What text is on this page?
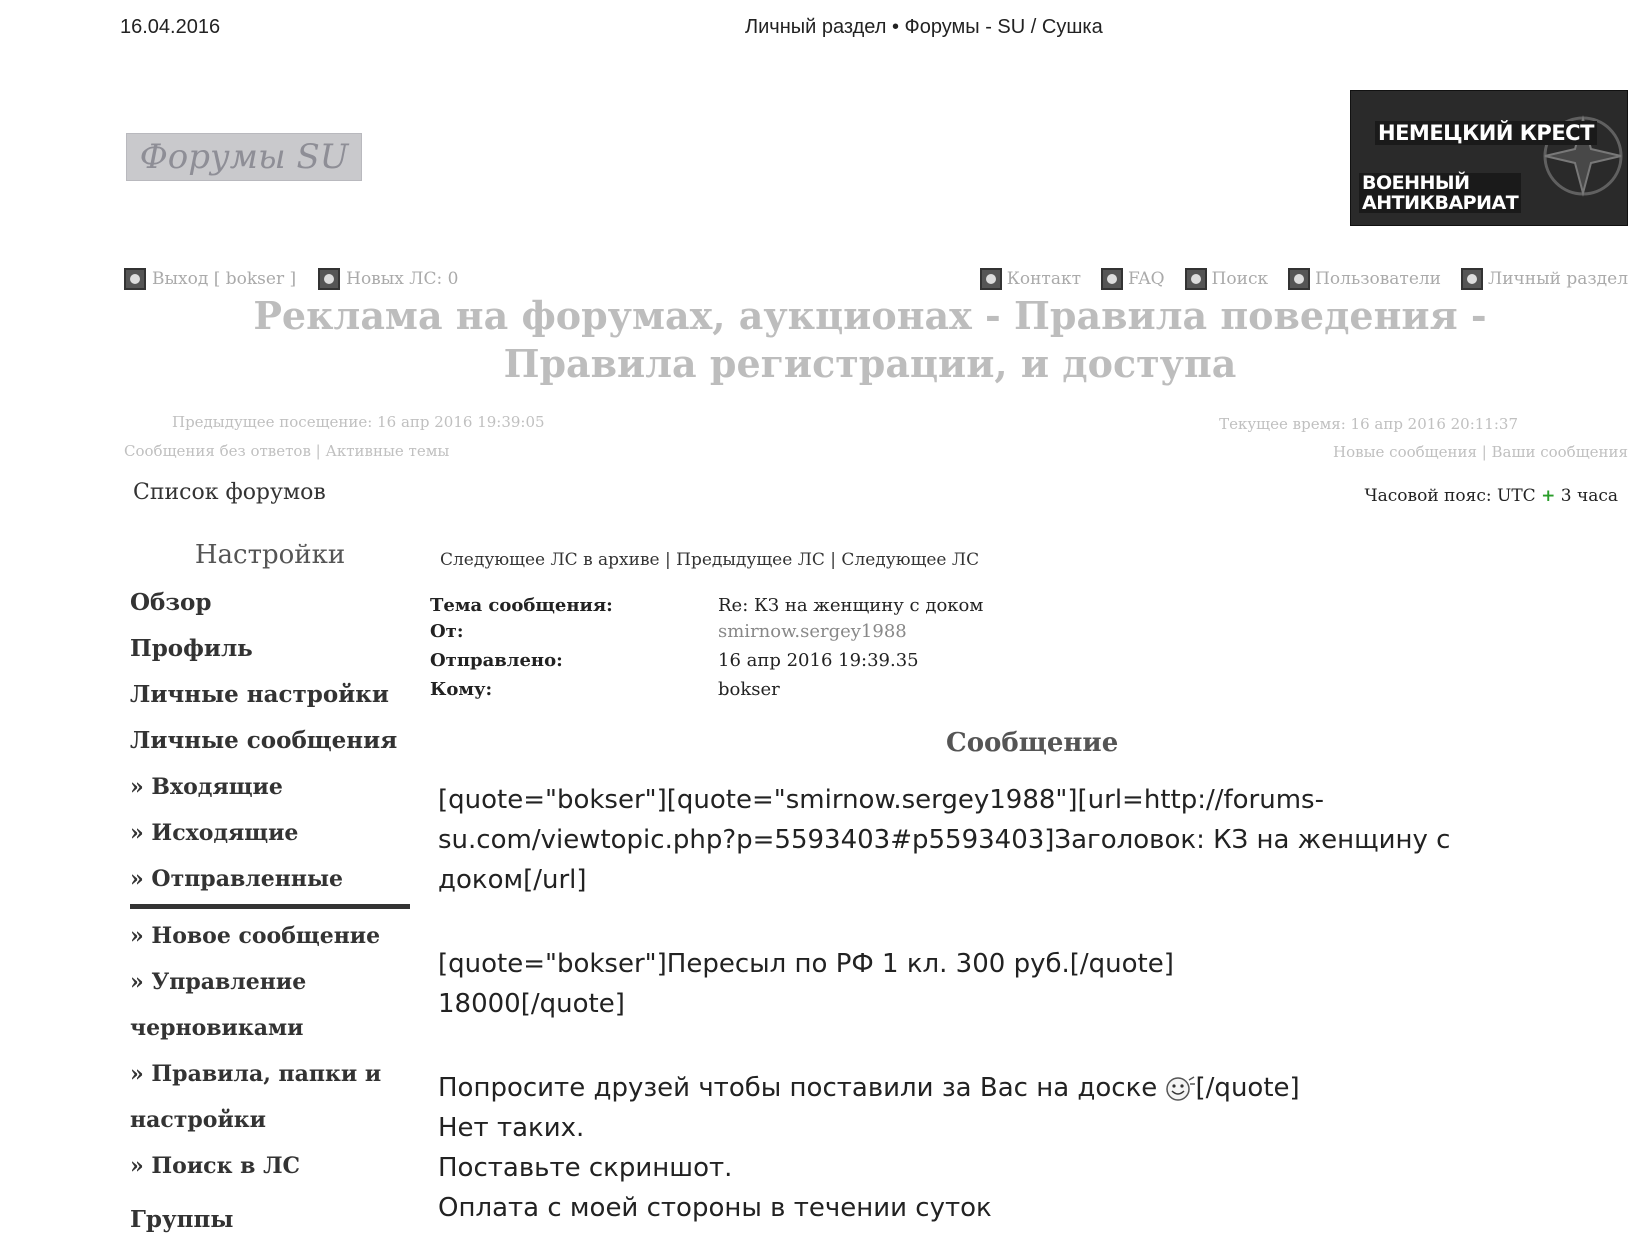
16.04.2016	Личный раздел • Форумы - SU / Сушка
Форумы SU
НЕМЕЦКИЙ КРЕСТ
ВОЕННЫЙ
АНТИКВАРИАТ
Выход [ bokser ]	Новых ЛС: 0	Контакт	FAQ	Поиск	Пользователи	Личный раздел
Реклама на форумах, аукционах - Правила поведения - Правила регистрации, и доступа
Предыдущее посещение: 16 апр 2016 19:39:05
Сообщения без ответов | Активные темы
Текущее время: 16 апр 2016 20:11:37
Новые сообщения | Ваши сообщения
Список форумов	Часовой пояс: UTC + 3 часа
Настройки
Обзор
Профиль
Личные настройки
Личные сообщения
» Входящие
» Исходящие
» Отправленные
» Новое сообщение
» Управление
черновиками
» Правила, папки и
настройки
» Поиск в ЛС
Группы
Следующее ЛС в архиве | Предыдущее ЛС | Следующее ЛС
Тема сообщения:	Re: КЗ на женщину с доком
От:	smirnow.sergey1988
Отправлено:	16 апр 2016 19:39.35
Кому:	bokser
Сообщение

[quote="bokser"][quote="smirnow.sergey1988"][url=http://forums-

su.com/viewtopic.php?p=5593403#p5593403]Заголовок: КЗ на женщину с

доком[/url]

[quote="bokser"]Пересыл по РФ 1 кл. 300 руб.[/quote]

18000[/quote]

Попросите друзей чтобы поставили за Вас на доске [/quote]

Нет таких.

Поставьте скриншот.

Оплата с моей стороны в течении суток
